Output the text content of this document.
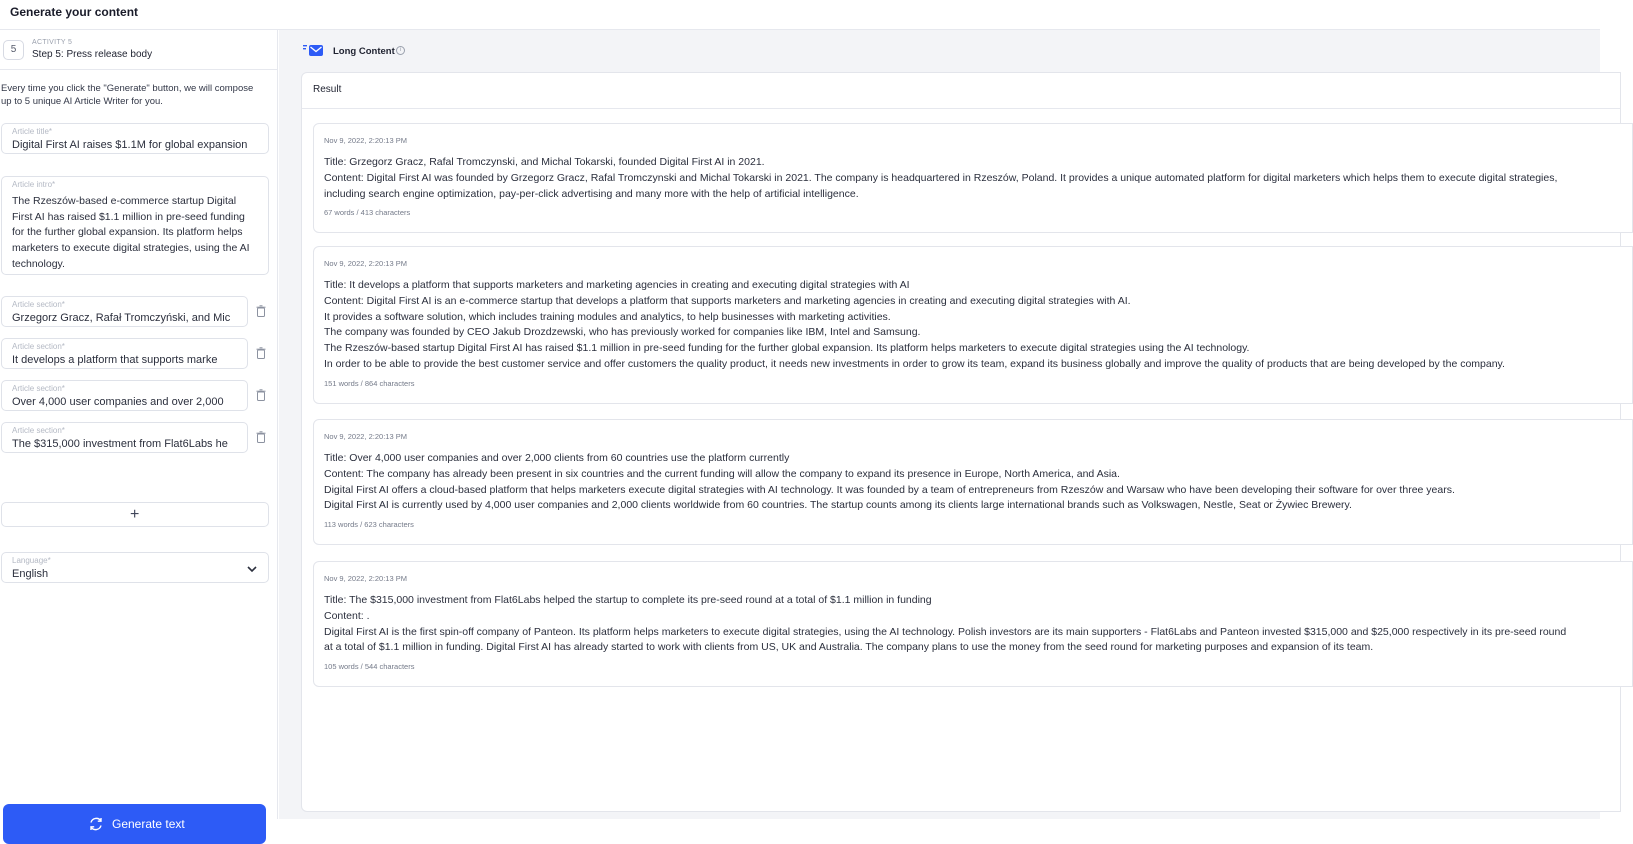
Generate your content
5
ACTIVITY 5
Step 5: Press release body
Every time you click the "Generate" button, we will compose up to 5 unique AI Article Writer for you.
Article title*
Digital First AI raises $1.1M for global expansion
Article intro*
The Rzeszów-based e-commerce startup Digital First AI has raised $1.1 million in pre-seed funding for the further global expansion. Its platform helps marketers to execute digital strategies, using the AI technology.
Article section*
Grzegorz Gracz, Rafał Tromczyński, and Mic
Article section*
It develops a platform that supports marke
Article section*
Over 4,000 user companies and over 2,000
Article section*
The $315,000 investment from Flat6Labs he
+
Language*
English
Generate text
Long Content i
Result
Nov 9, 2022, 2:20:13 PM
Title: Grzegorz Gracz, Rafal Tromczynski, and Michal Tokarski, founded Digital First AI in 2021.
Content: Digital First AI was founded by Grzegorz Gracz, Rafal Tromczynski and Michal Tokarski in 2021. The company is headquartered in Rzeszów, Poland. It provides a unique automated platform for digital marketers which helps them to execute digital strategies,
including search engine optimization, pay-per-click advertising and many more with the help of artificial intelligence.
67 words / 413 characters
Nov 9, 2022, 2:20:13 PM
Title: It develops a platform that supports marketers and marketing agencies in creating and executing digital strategies with AI
Content: Digital First AI is an e-commerce startup that develops a platform that supports marketers and marketing agencies in creating and executing digital strategies with AI.
It provides a software solution, which includes training modules and analytics, to help businesses with marketing activities.
The company was founded by CEO Jakub Drozdzewski, who has previously worked for companies like IBM, Intel and Samsung.
The Rzeszów-based startup Digital First AI has raised $1.1 million in pre-seed funding for the further global expansion. Its platform helps marketers to execute digital strategies using the AI technology.
In order to be able to provide the best customer service and offer customers the quality product, it needs new investments in order to grow its team, expand its business globally and improve the quality of products that are being developed by the company.
151 words / 864 characters
Nov 9, 2022, 2:20:13 PM
Title: Over 4,000 user companies and over 2,000 clients from 60 countries use the platform currently
Content: The company has already been present in six countries and the current funding will allow the company to expand its presence in Europe, North America, and Asia.
Digital First AI offers a cloud-based platform that helps marketers execute digital strategies with AI technology. It was founded by a team of entrepreneurs from Rzeszów and Warsaw who have been developing their software for over three years.
Digital First AI is currently used by 4,000 user companies and 2,000 clients worldwide from 60 countries. The startup counts among its clients large international brands such as Volkswagen, Nestle, Seat or Żywiec Brewery.
113 words / 623 characters
Nov 9, 2022, 2:20:13 PM
Title: The $315,000 investment from Flat6Labs helped the startup to complete its pre-seed round at a total of $1.1 million in funding
Content: .
Digital First AI is the first spin-off company of Panteon. Its platform helps marketers to execute digital strategies, using the AI technology. Polish investors are its main supporters - Flat6Labs and Panteon invested $315,000 and $25,000 respectively in its pre-seed round
at a total of $1.1 million in funding. Digital First AI has already started to work with clients from US, UK and Australia. The company plans to use the money from the seed round for marketing purposes and expansion of its team.
105 words / 544 characters
